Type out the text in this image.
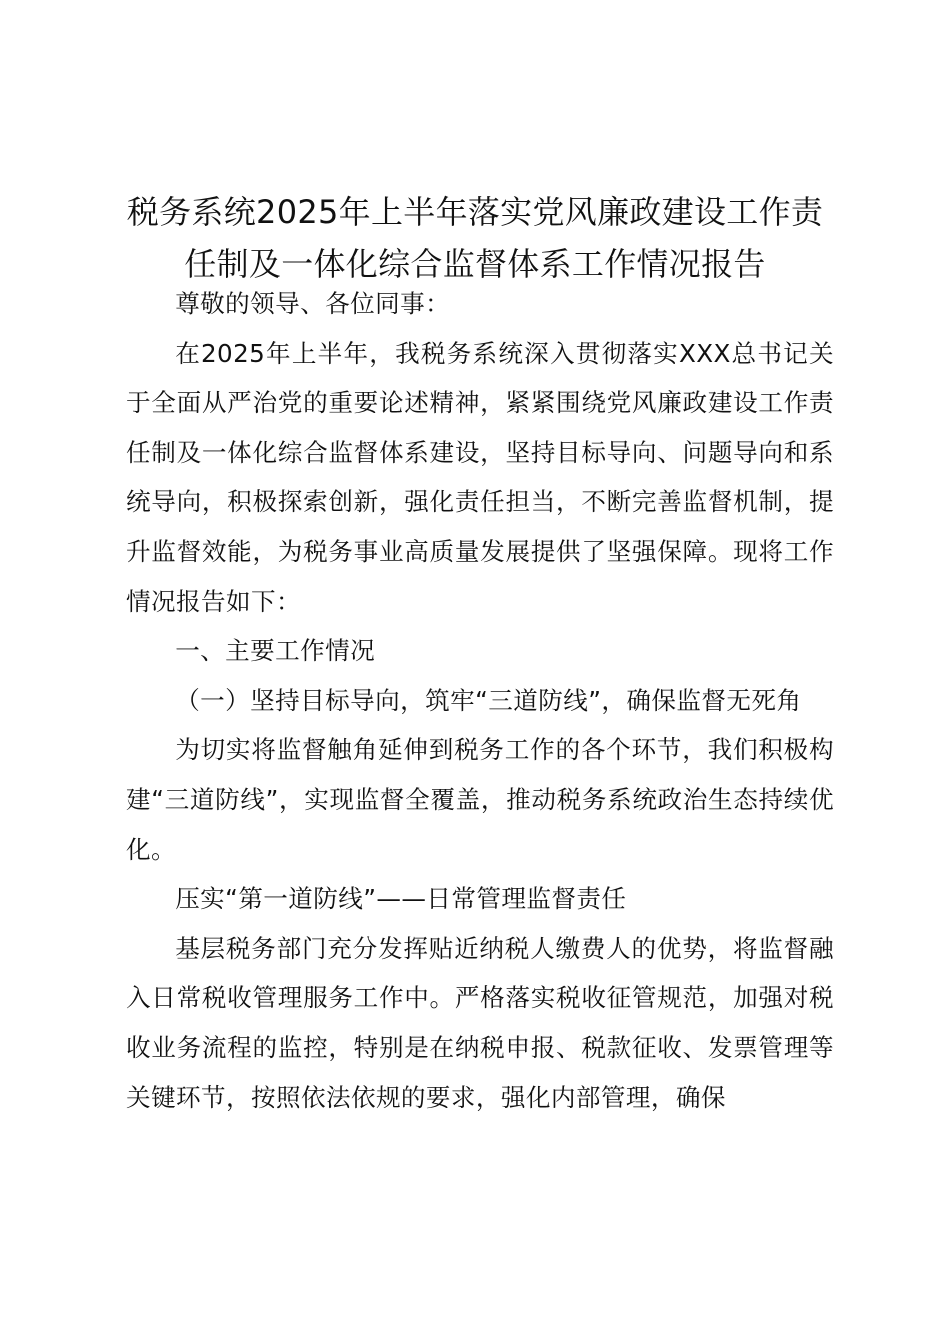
税务系统2025年上半年落实党风廉政建设工作责任制及一体化综合监督体系工作情况报告

尊敬的领导、各位同事：

在2025年上半年，我税务系统深入贯彻落实XXX总书记关于全面从严治党的重要论述精神，紧紧围绕党风廉政建设工作责任制及一体化综合监督体系建设，坚持目标导向、问题导向和系统导向，积极探索创新，强化责任担当，不断完善监督机制，提升监督效能，为税务事业高质量发展提供了坚强保障。现将工作情况报告如下：

一、主要工作情况

（一）坚持目标导向，筑牢“三道防线”，确保监督无死角

为切实将监督触角延伸到税务工作的各个环节，我们积极构建“三道防线”，实现监督全覆盖，推动税务系统政治生态持续优化。

压实“第一道防线”——日常管理监督责任

基层税务部门充分发挥贴近纳税人缴费人的优势，将监督融入日常税收管理服务工作中。严格落实税收征管规范，加强对税收业务流程的监控，特别是在纳税申报、税款征收、发票管理等关键环节，按照依法依规的要求，强化内部管理，确保
